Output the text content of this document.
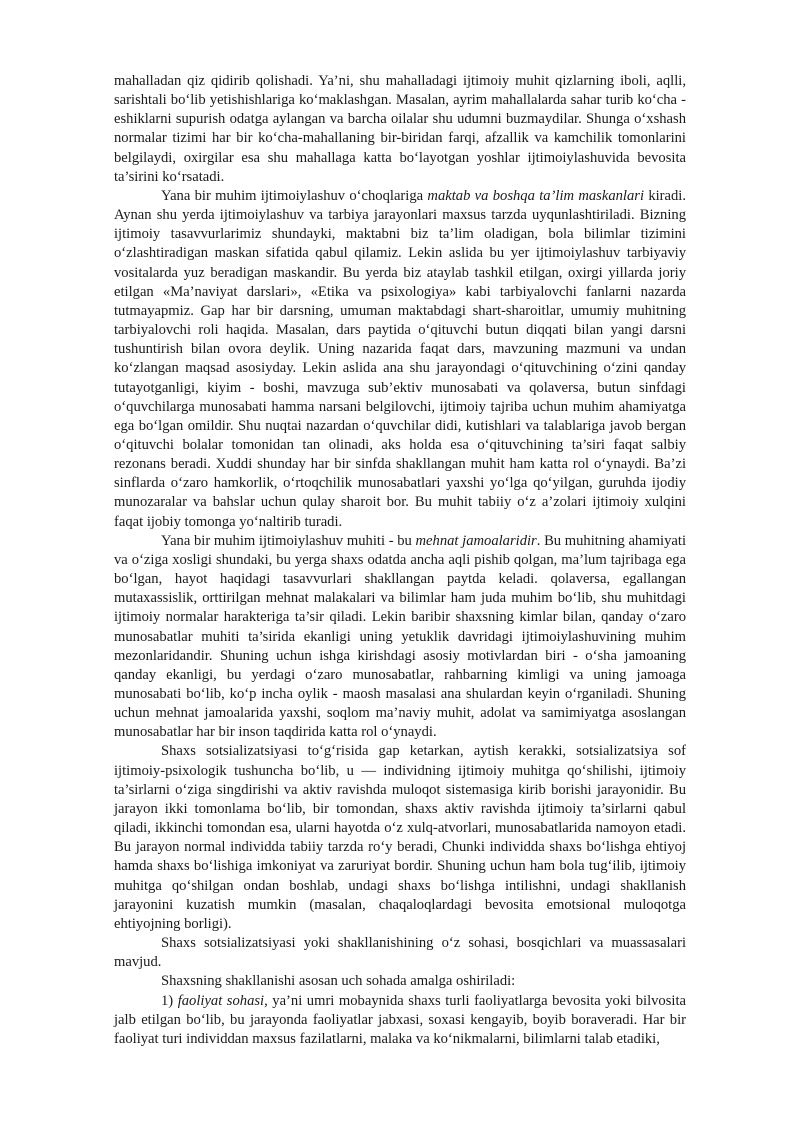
mahalladan qiz qidirib qolishadi. Ya’ni, shu mahalladagi ijtimoiy muhit qizlarning iboli, aqlli, sarishtali bo‘lib yetishishlariga ko‘maklashgan. Masalan, ayrim mahallalarda sahar turib ko‘cha - eshiklarni supurish odatga aylangan va barcha oilalar shu udumni buzmaydilar. Shunga o‘xshash normalar tizimi har bir ko‘cha-mahallaning bir-biridan farqi, afzallik va kamchilik tomonlarini belgilaydi, oxirgilar esa shu mahallaga katta bo‘layotgan yoshlar ijtimoiylashuvida bevosita ta’sirini ko‘rsatadi.

Yana bir muhim ijtimoiylashuv o‘choqlariga maktab va boshqa ta’lim maskanlari kiradi. Aynan shu yerda ijtimoiylashuv va tarbiya jarayonlari maxsus tarzda uyqunlashtiriladi. Bizning ijtimoiy tasavvurlarimiz shundayki, maktabni biz ta’lim oladigan, bola bilimlar tizimini o‘zlashtiradigan maskan sifatida qabul qilamiz. Lekin aslida bu yer ijtimoiylashuv tarbiyaviy vositalarda yuz beradigan maskandir. Bu yerda biz ataylab tashkil etilgan, oxirgi yillarda joriy etilgan «Ma’naviyat darslari», «Etika va psixologiya» kabi tarbiyalovchi fanlarni nazarda tutmayapmiz. Gap har bir darsning, umuman maktabdagi shart-sharoitlar, umumiy muhitning tarbiyalovchi roli haqida. Masalan, dars paytida o‘qituvchi butun diqqati bilan yangi darsni tushuntirish bilan ovora deylik. Uning nazarida faqat dars, mavzuning mazmuni va undan ko‘zlangan maqsad asosiyday. Lekin aslida ana shu jarayondagi o‘qituvchining o‘zini qanday tutayotganligi, kiyim - boshi, mavzuga sub’ektiv munosabati va qolaversa, butun sinfdagi o‘quvchilarga munosabati hamma narsani belgilovchi, ijtimoiy tajriba uchun muhim ahamiyatga ega bo‘lgan omildir. Shu nuqtai nazardan o‘quvchilar didi, kutishlari va talablariga javob bergan o‘qituvchi bolalar tomonidan tan olinadi, aks holda esa o‘qituvchining ta’siri faqat salbiy rezonans beradi. Xuddi shunday har bir sinfda shakllangan muhit ham katta rol o‘ynaydi. Ba’zi sinflarda o‘zaro hamkorlik, o‘rtoqchilik munosabatlari yaxshi yo‘lga qo‘yilgan, guruhda ijodiy munozaralar va bahslar uchun qulay sharoit bor. Bu muhit tabiiy o‘z a’zolari ijtimoiy xulqini faqat ijobiy tomonga yo‘naltirib turadi.

Yana bir muhim ijtimoiylashuv muhiti - bu mehnat jamoalaridir. Bu muhitning ahamiyati va o‘ziga xosligi shundaki, bu yerga shaxs odatda ancha aqli pishib qolgan, ma’lum tajribaga ega bo‘lgan, hayot haqidagi tasavvurlari shakllangan paytda keladi. qolaversa, egallangan mutaxassislik, orttirilgan mehnat malakalari va bilimlar ham juda muhim bo‘lib, shu muhitdagi ijtimoiy normalar harakteriga ta’sir qiladi. Lekin baribir shaxsning kimlar bilan, qanday o‘zaro munosabatlar muhiti ta’sirida ekanligi uning yetuklik davridagi ijtimoiylashuvining muhim mezonlaridandir. Shuning uchun ishga kirishdagi asosiy motivlardan biri - o‘sha jamoaning qanday ekanligi, bu yerdagi o‘zaro munosabatlar, rahbarning kimligi va uning jamoaga munosabati bo‘lib, ko‘p incha oylik - maosh masalasi ana shulardan keyin o‘rganiladi. Shuning uchun mehnat jamoalarida yaxshi, soqlom ma’naviy muhit, adolat va samimiyatga asoslangan munosabatlar har bir inson taqdirida katta rol o‘ynaydi.

Shaxs sotsializatsiyasi to‘g‘risida gap ketarkan, aytish kerakki, sotsializatsiya sof ijtimoiy-psixologik tushuncha bo‘lib, u — individning ijtimoiy muhitga qo‘shilishi, ijtimoiy ta’sirlarni o‘ziga singdirishi va aktiv ravishda muloqot sistemasiga kirib borishi jarayonidir. Bu jarayon ikki tomonlama bo‘lib, bir tomondan, shaxs aktiv ravishda ijtimoiy ta’sirlarni qabul qiladi, ikkinchi tomondan esa, ularni hayotda o‘z xulq-atvorlari, munosabatlarida namoyon etadi. Bu jarayon normal individda tabiiy tarzda ro‘y beradi, Chunki individda shaxs bo‘lishga ehtiyoj hamda shaxs bo‘lishiga imkoniyat va zaruriyat bordir. Shuning uchun ham bola tug‘ilib, ijtimoiy muhitga qo‘shilgan ondan boshlab, undagi shaxs bo‘lishga intilishni, undagi shakllanish jarayonini kuzatish mumkin (masalan, chaqaloqlardagi bevosita emotsional muloqotga ehtiyojning borligi).

Shaxs sotsializatsiyasi yoki shakllanishining o‘z sohasi, bosqichlari va muassasalari mavjud.

Shaxsning shakllanishi asosan uch sohada amalga oshiriladi:

1) faoliyat sohasi, ya’ni umri mobaynida shaxs turli faoliyatlarga bevosita yoki bilvosita jalb etilgan bo‘lib, bu jarayonda faoliyatlar jabxasi, soxasi kengayib, boyib boraveradi. Har bir faoliyat turi individdan maxsus fazilatlarni, malaka va ko‘nikmalarni, bilimlarni talab etadiki,
